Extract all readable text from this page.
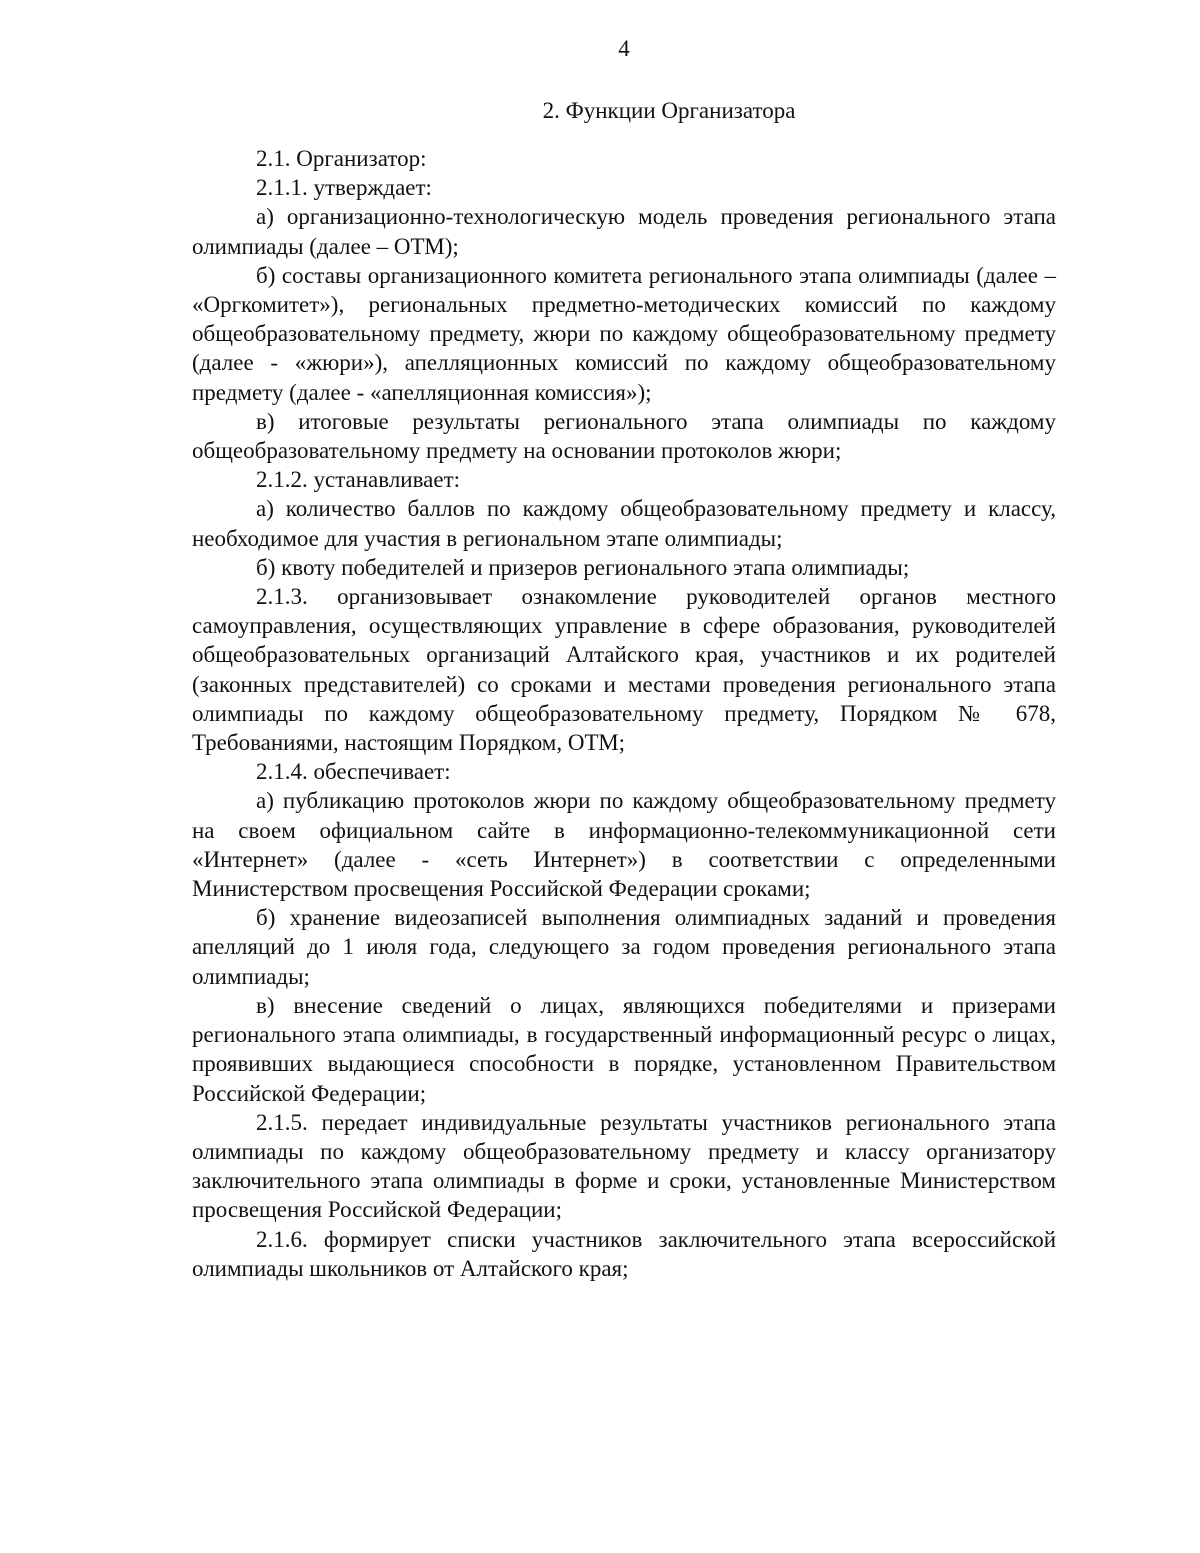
4
2. Функции Организатора

2.1. Организатор:

2.1.1. утверждает:

а) организационно-технологическую модель проведения регионального этапа олимпиады (далее – ОТМ);

б) составы организационного комитета регионального этапа олимпиады (далее – «Оргкомитет»), региональных предметно-методических комиссий по каждому общеобразовательному предмету, жюри по каждому общеобразовательному предмету (далее - «жюри»), апелляционных комиссий по каждому общеобразовательному предмету (далее - «апелляционная комиссия»);

в) итоговые результаты регионального этапа олимпиады по каждому общеобразовательному предмету на основании протоколов жюри;

2.1.2. устанавливает:

а) количество баллов по каждому общеобразовательному предмету и классу, необходимое для участия в региональном этапе олимпиады;

б) квоту победителей и призеров регионального этапа олимпиады;

2.1.3. организовывает ознакомление руководителей органов местного самоуправления, осуществляющих управление в сфере образования, руководителей общеобразовательных организаций Алтайского края, участников и их родителей (законных представителей) со сроками и местами проведения регионального этапа олимпиады по каждому общеобразовательному предмету, Порядком № 678, Требованиями, настоящим Порядком, ОТМ;

2.1.4. обеспечивает:

а) публикацию протоколов жюри по каждому общеобразовательному предмету на своем официальном сайте в информационно-телекоммуникационной сети «Интернет» (далее - «сеть Интернет») в соответствии с определенными Министерством просвещения Российской Федерации сроками;

б) хранение видеозаписей выполнения олимпиадных заданий и проведения апелляций до 1 июля года, следующего за годом проведения регионального этапа олимпиады;

в) внесение сведений о лицах, являющихся победителями и призерами регионального этапа олимпиады, в государственный информационный ресурс о лицах, проявивших выдающиеся способности в порядке, установленном Правительством Российской Федерации;

2.1.5. передает индивидуальные результаты участников регионального этапа олимпиады по каждому общеобразовательному предмету и классу организатору заключительного этапа олимпиады в форме и сроки, установленные Министерством просвещения Российской Федерации;

2.1.6. формирует списки участников заключительного этапа всероссийской олимпиады школьников от Алтайского края;
